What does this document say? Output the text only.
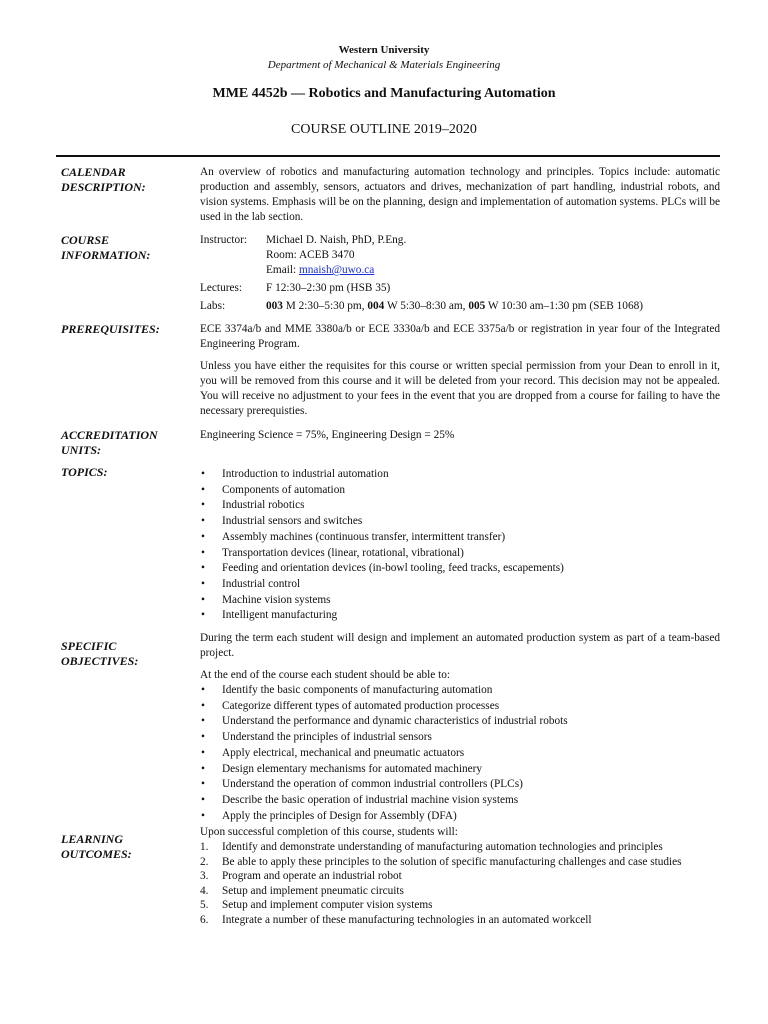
Western University
Department of Mechanical & Materials Engineering
MME 4452b — Robotics and Manufacturing Automation
COURSE OUTLINE 2019–2020
CALENDAR
DESCRIPTION:
An overview of robotics and manufacturing automation technology and principles. Topics include: automatic production and assembly, sensors, actuators and drives, mechanization of part handling, industrial robots, and vision systems. Emphasis will be on the planning, design and implementation of automation systems. PLCs will be used in the lab section.
COURSE
INFORMATION:
Instructor:	Michael D. Naish, PhD, P.Eng.
Room: ACEB 3470
Email: mnaish@uwo.ca
Lectures:	F 12:30–2:30 pm (HSB 35)
Labs:	003 M 2:30–5:30 pm, 004 W 5:30–8:30 am, 005 W 10:30 am–1:30 pm (SEB 1068)
PREREQUISITES:	ECE 3374a/b and MME 3380a/b or ECE 3330a/b and ECE 3375a/b or registration in year four of the Integrated Engineering Program.

Unless you have either the requisites for this course or written special permission from your Dean to enroll in it, you will be removed from this course and it will be deleted from your record. This decision may not be appealed. You will receive no adjustment to your fees in the event that you are dropped from a course for failing to have the necessary prerequisties.

ACCREDITATION
UNITS:
Engineering Science = 75%, Engineering Design = 25%
TOPICS:
•	Introduction to industrial automation
• Components of automation
• Industrial robotics
• Industrial sensors and switches
• Assembly machines (continuous transfer, intermittent transfer)
• Transportation devices (linear, rotational, vibrational)
• Feeding and orientation devices (in-bowl tooling, feed tracks, escapements)
• Industrial control
• Machine vision systems
• Intelligent manufacturing
SPECIFIC
OBJECTIVES:

During the term each student will design and implement an automated production system as part of a team-based project.

At the end of the course each student should be able to:

• Identify the basic components of manufacturing automation
• Categorize different types of automated production processes
• Understand the performance and dynamic characteristics of industrial robots
• Understand the principles of industrial sensors
• Apply electrical, mechanical and pneumatic actuators
• Design elementary mechanisms for automated machinery
• Understand the operation of common industrial controllers (PLCs)
• Describe the basic operation of industrial machine vision systems
• Apply the principles of Design for Assembly (DFA)
LEARNING
OUTCOMES:

Upon successful completion of this course, students will:

1.	Identify and demonstrate understanding of manufacturing automation technologies and principles
2.	Be able to apply these principles to the solution of specific manufacturing challenges and case studies
3.	Program and operate an industrial robot
4.	Setup and implement pneumatic circuits
5.	Setup and implement computer vision systems
6.	Integrate a number of these manufacturing technologies in an automated workcell
